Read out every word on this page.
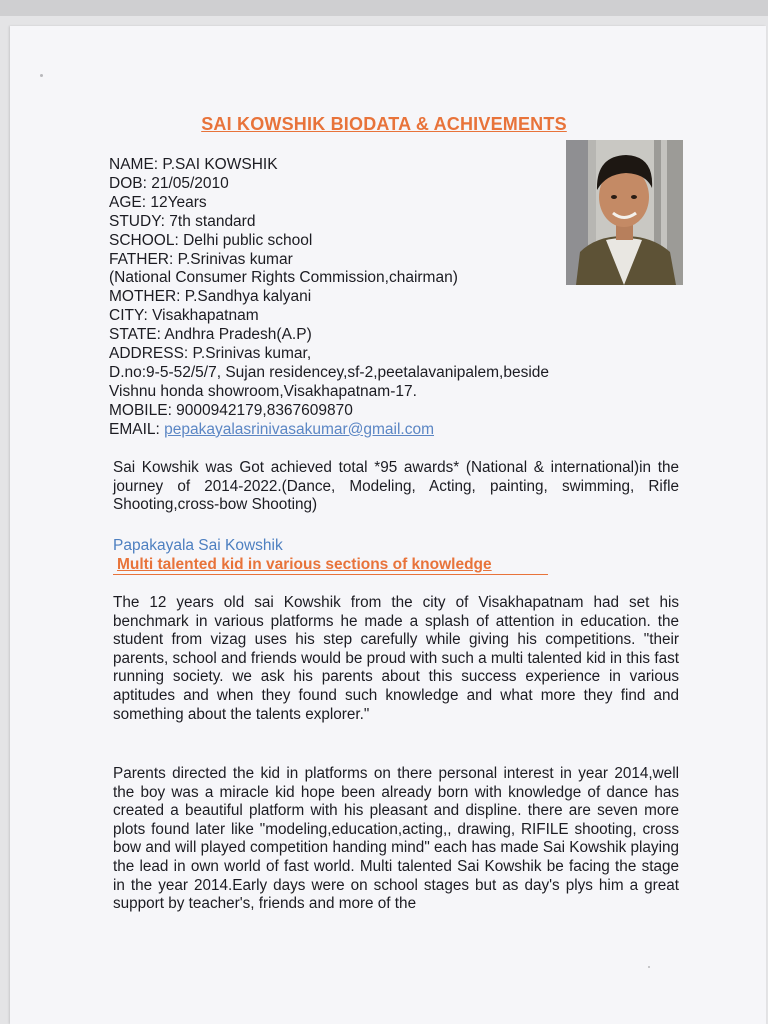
SAI KOWSHIK BIODATA & ACHIVEMENTS
NAME: P.SAI KOWSHIK
DOB: 21/05/2010
AGE: 12Years
STUDY: 7th standard
SCHOOL: Delhi public school
FATHER: P.Srinivas kumar
(National Consumer Rights Commission,chairman)
MOTHER: P.Sandhya kalyani
CITY: Visakhapatnam
STATE: Andhra Pradesh(A.P)
ADDRESS: P.Srinivas kumar,
D.no:9-5-52/5/7, Sujan residencey,sf-2,peetalavanipalem,beside
Vishnu honda showroom,Visakhapatnam-17.
MOBILE: 9000942179,8367609870
EMAIL: pepakayalasrinivasakumar@gmail.com
Sai Kowshik was Got achieved total *95 awards* (National & international)in the journey of 2014-2022.(Dance, Modeling, Acting, painting, swimming, Rifle Shooting,cross-bow Shooting)
Papakayala Sai Kowshik
Multi talented kid in various sections of knowledge
The 12 years old sai Kowshik from the city of Visakhapatnam had set his benchmark in various platforms he made a splash of attention in education. the student from vizag uses his step carefully while giving his competitions. "their parents, school and friends would be proud with such a multi talented kid in this fast running society. we ask his parents about this success experience in various aptitudes and when they found such knowledge and what more they find and something about the talents explorer."
Parents directed the kid in platforms on there personal interest in year 2014,well the boy was a miracle kid hope been already born with knowledge of dance has created a beautiful platform with his pleasant and displine. there are seven more plots found later like "modeling,education,acting,, drawing, RIFILE shooting, cross bow and will played competition handing mind" each has made Sai Kowshik playing the lead in own world of fast world. Multi talented Sai Kowshik be facing the stage in the year 2014.Early days were on school stages but as day's plys him a great support by teacher's, friends and more of the
